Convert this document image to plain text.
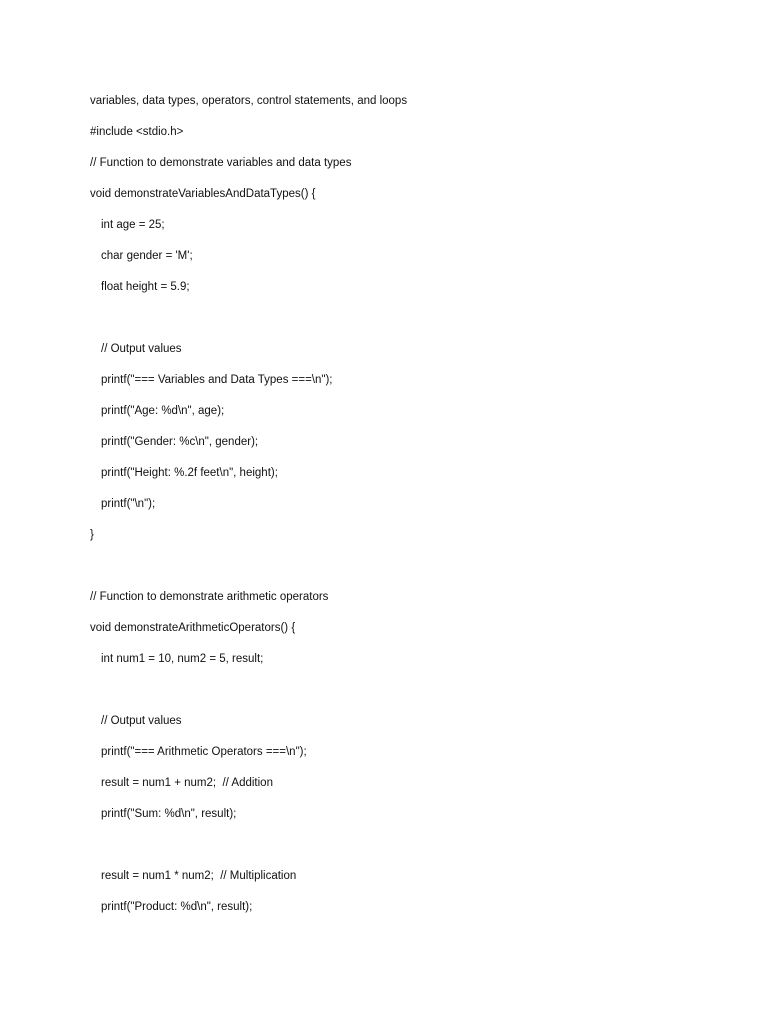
variables, data types, operators, control statements, and loops
#include <stdio.h>
// Function to demonstrate variables and data types
void demonstrateVariablesAndDataTypes() {
int age = 25;
char gender = 'M';
float height = 5.9;
// Output values
printf("=== Variables and Data Types ===\n");
printf("Age: %d\n", age);
printf("Gender: %c\n", gender);
printf("Height: %.2f feet\n", height);
printf("\n");
}
// Function to demonstrate arithmetic operators
void demonstrateArithmeticOperators() {
int num1 = 10, num2 = 5, result;
// Output values
printf("=== Arithmetic Operators ===\n");
result = num1 + num2;  // Addition
printf("Sum: %d\n", result);
result = num1 * num2;  // Multiplication
printf("Product: %d\n", result);
